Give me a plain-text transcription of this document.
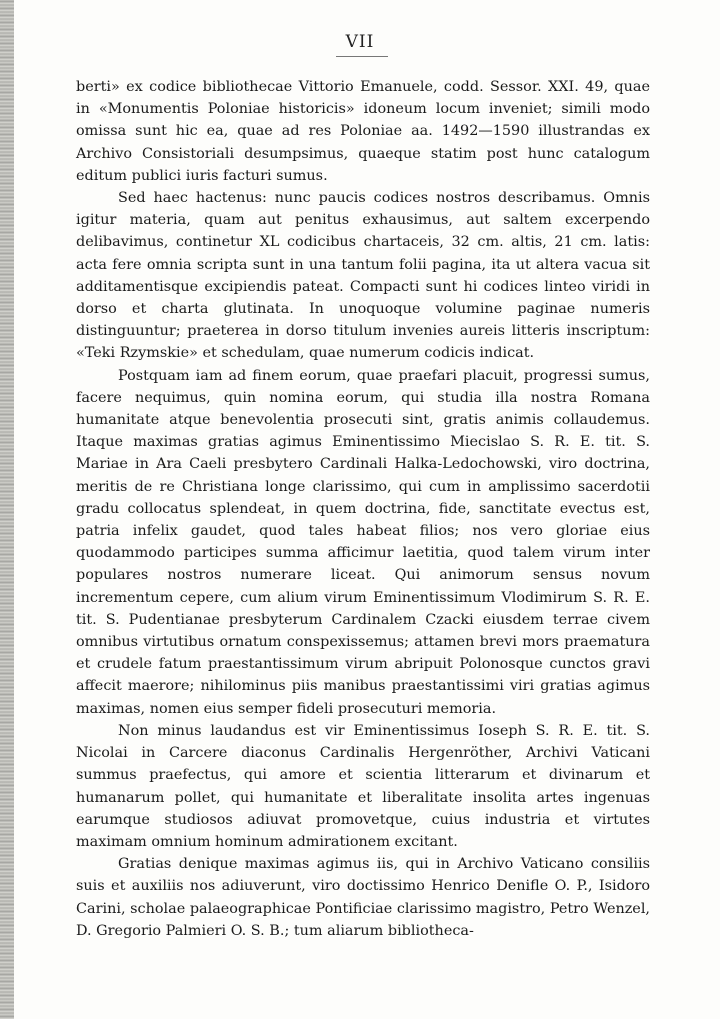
VII

berti» ex codice bibliothecae Vittorio Emanuele, codd. Sessor. XXI. 49, quae in «Monumentis Poloniae historicis» idoneum locum inveniet; simili modo omissa sunt hic ea, quae ad res Poloniae aa. 1492—1590 illustrandas ex Archivo Consistoriali desumpsimus, quaeque statim post hunc catalogum editum publici iuris facturi sumus.

Sed haec hactenus: nunc paucis codices nostros describamus. Omnis igitur materia, quam aut penitus exhausimus, aut saltem excerpendo delibavimus, continetur XL codicibus chartaceis, 32 cm. altis, 21 cm. latis: acta fere omnia scripta sunt in una tantum folii pagina, ita ut altera vacua sit additamentisque excipiendis pateat. Compacti sunt hi codices linteo viridi in dorso et charta glutinata. In unoquoque volumine paginae numeris distinguuntur; praeterea in dorso titulum invenies aureis litteris inscriptum: «Teki Rzymskie» et schedulam, quae numerum codicis indicat.

Postquam iam ad finem eorum, quae praefari placuit, progressi sumus, facere nequimus, quin nomina eorum, qui studia illa nostra Romana humanitate atque benevolentia prosecuti sint, gratis animis collaudemus. Itaque maximas gratias agimus Eminentissimo Miecislao S. R. E. tit. S. Mariae in Ara Caeli presbytero Cardinali Halka-Ledochowski, viro doctrina, meritis de re Christiana longe clarissimo, qui cum in amplissimo sacerdotii gradu collocatus splendeat, in quem doctrina, fide, sanctitate evectus est, patria infelix gaudet, quod tales habeat filios; nos vero gloriae eius quodammodo participes summa afficimur laetitia, quod talem virum inter populares nostros numerare liceat. Qui animorum sensus novum incrementum cepere, cum alium virum Eminentissimum Vlodimirum S. R. E. tit. S. Pudentianae presbyterum Cardinalem Czacki eiusdem terrae civem omnibus virtutibus ornatum conspexissemus; attamen brevi mors praematura et crudele fatum praestantissimum virum abripuit Polonosque cunctos gravi affecit maerore; nihilominus piis manibus praestantissimi viri gratias agimus maximas, nomen eius semper fideli prosecuturi memoria.

Non minus laudandus est vir Eminentissimus Ioseph S. R. E. tit. S. Nicolai in Carcere diaconus Cardinalis Hergenröther, Archivi Vaticani summus praefectus, qui amore et scientia litterarum et divinarum et humanarum pollet, qui humanitate et liberalitate insolita artes ingenuas earumque studiosos adiuvat promovetque, cuius industria et virtutes maximam omnium hominum admirationem excitant.

Gratias denique maximas agimus iis, qui in Archivo Vaticano consiliis suis et auxiliis nos adiuverunt, viro doctissimo Henrico Denifle O. P., Isidoro Carini, scholae palaeographicae Pontificiae clarissimo magistro, Petro Wenzel, D. Gregorio Palmieri O. S. B.; tum aliarum bibliotheca-
